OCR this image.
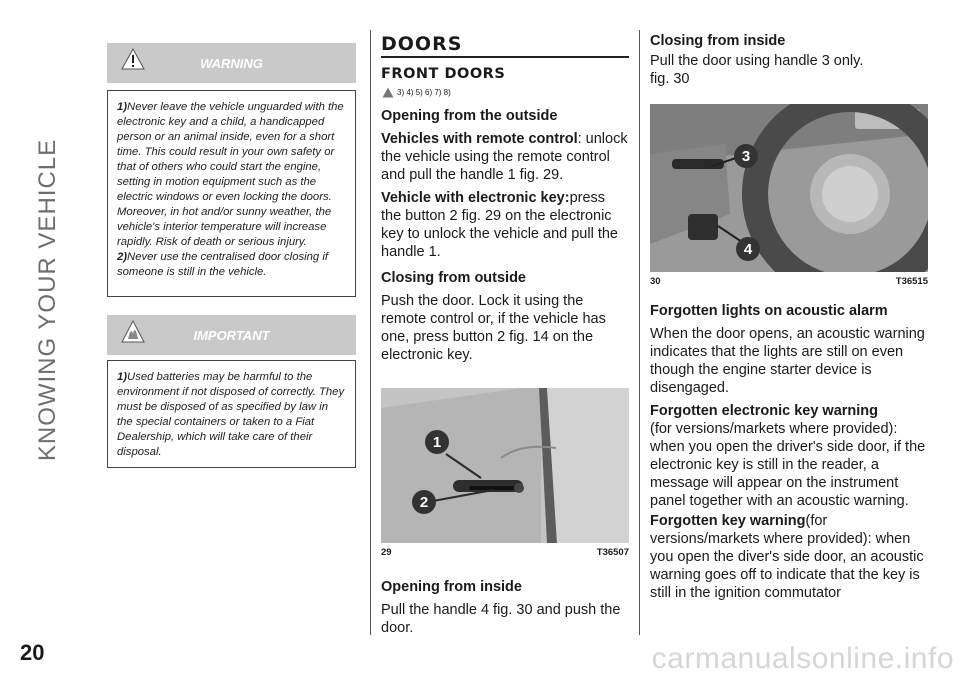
KNOWING YOUR VEHICLE
20	carmanualsonline.info
WARNING

1)Never leave the vehicle unguarded with the electronic key and a child, a handicapped person or an animal inside, even for a short time. This could result in your own safety or that of others who could start the engine, setting in motion equipment such as the electric windows or even locking the doors. Moreover, in hot and/or sunny weather, the vehicle's interior temperature will increase rapidly. Risk of death or serious injury.

2)Never use the centralised door closing if someone is still in the vehicle.

IMPORTANT

1)Used batteries may be harmful to the environment if not disposed of correctly. They must be disposed of as specified by law in the special containers or taken to a Fiat Dealership, which will take care of their disposal.

DOORS
FRONT DOORS
3) 4) 5) 6) 7) 8)
Opening from the outside
Vehicles with remote control: unlock the vehicle using the remote control and pull the handle 1 fig. 29.
Vehicle with electronic key:press the button 2 fig. 29 on the electronic key to unlock the vehicle and pull the handle 1.
Closing from outside
Push the door. Lock it using the remote control or, if the vehicle has one, press button 2 fig. 14 on the electronic key.
1
2
29	T36507
Opening from inside
Pull the handle 4 fig. 30 and push the door.
Closing from inside
Pull the door using handle 3 only. fig. 30
3
4
30	T36515
Forgotten lights on acoustic alarm
When the door opens, an acoustic warning indicates that the lights are still on even though the engine starter device is disengaged.
Forgotten electronic key warning
(for versions/markets where provided): when you open the driver's side door, if the electronic key is still in the reader, a message will appear on the instrument panel together with an acoustic warning.
Forgotten key warning(for versions/markets where provided): when you open the diver's side door, an acoustic warning goes off to indicate that the key is still in the ignition commutator
